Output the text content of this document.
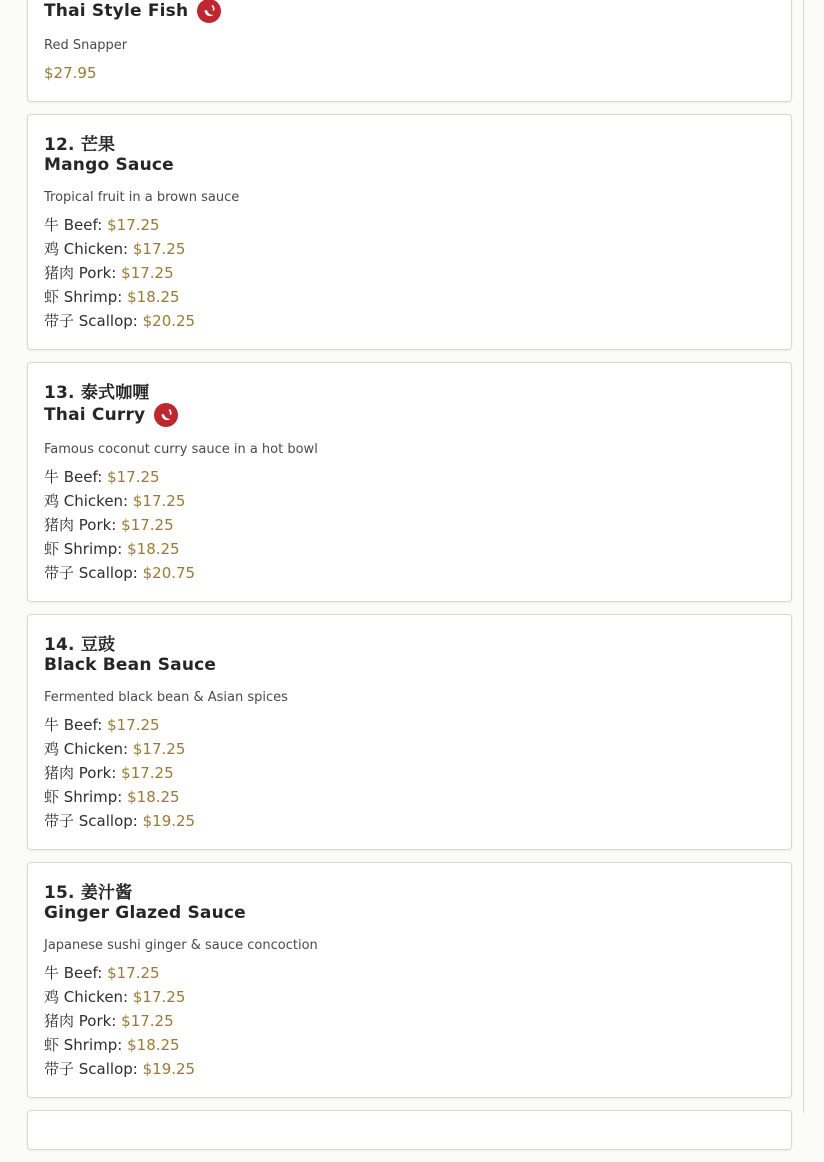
Thai Style Fish
Red Snapper
$27.95
12. 芒果
Mango Sauce
Tropical fruit in a brown sauce
牛 Beef: $17.25
鸡 Chicken: $17.25
猪肉 Pork: $17.25
虾 Shrimp: $18.25
带子 Scallop: $20.25
13. 泰式咖喱
Thai Curry
Famous coconut curry sauce in a hot bowl
牛 Beef: $17.25
鸡 Chicken: $17.25
猪肉 Pork: $17.25
虾 Shrimp: $18.25
带子 Scallop: $20.75
14. 豆豉
Black Bean Sauce
Fermented black bean & Asian spices
牛 Beef: $17.25
鸡 Chicken: $17.25
猪肉 Pork: $17.25
虾 Shrimp: $18.25
带子 Scallop: $19.25
15. 姜汁酱
Ginger Glazed Sauce
Japanese sushi ginger & sauce concoction
牛 Beef: $17.25
鸡 Chicken: $17.25
猪肉 Pork: $17.25
虾 Shrimp: $18.25
带子 Scallop: $19.25
